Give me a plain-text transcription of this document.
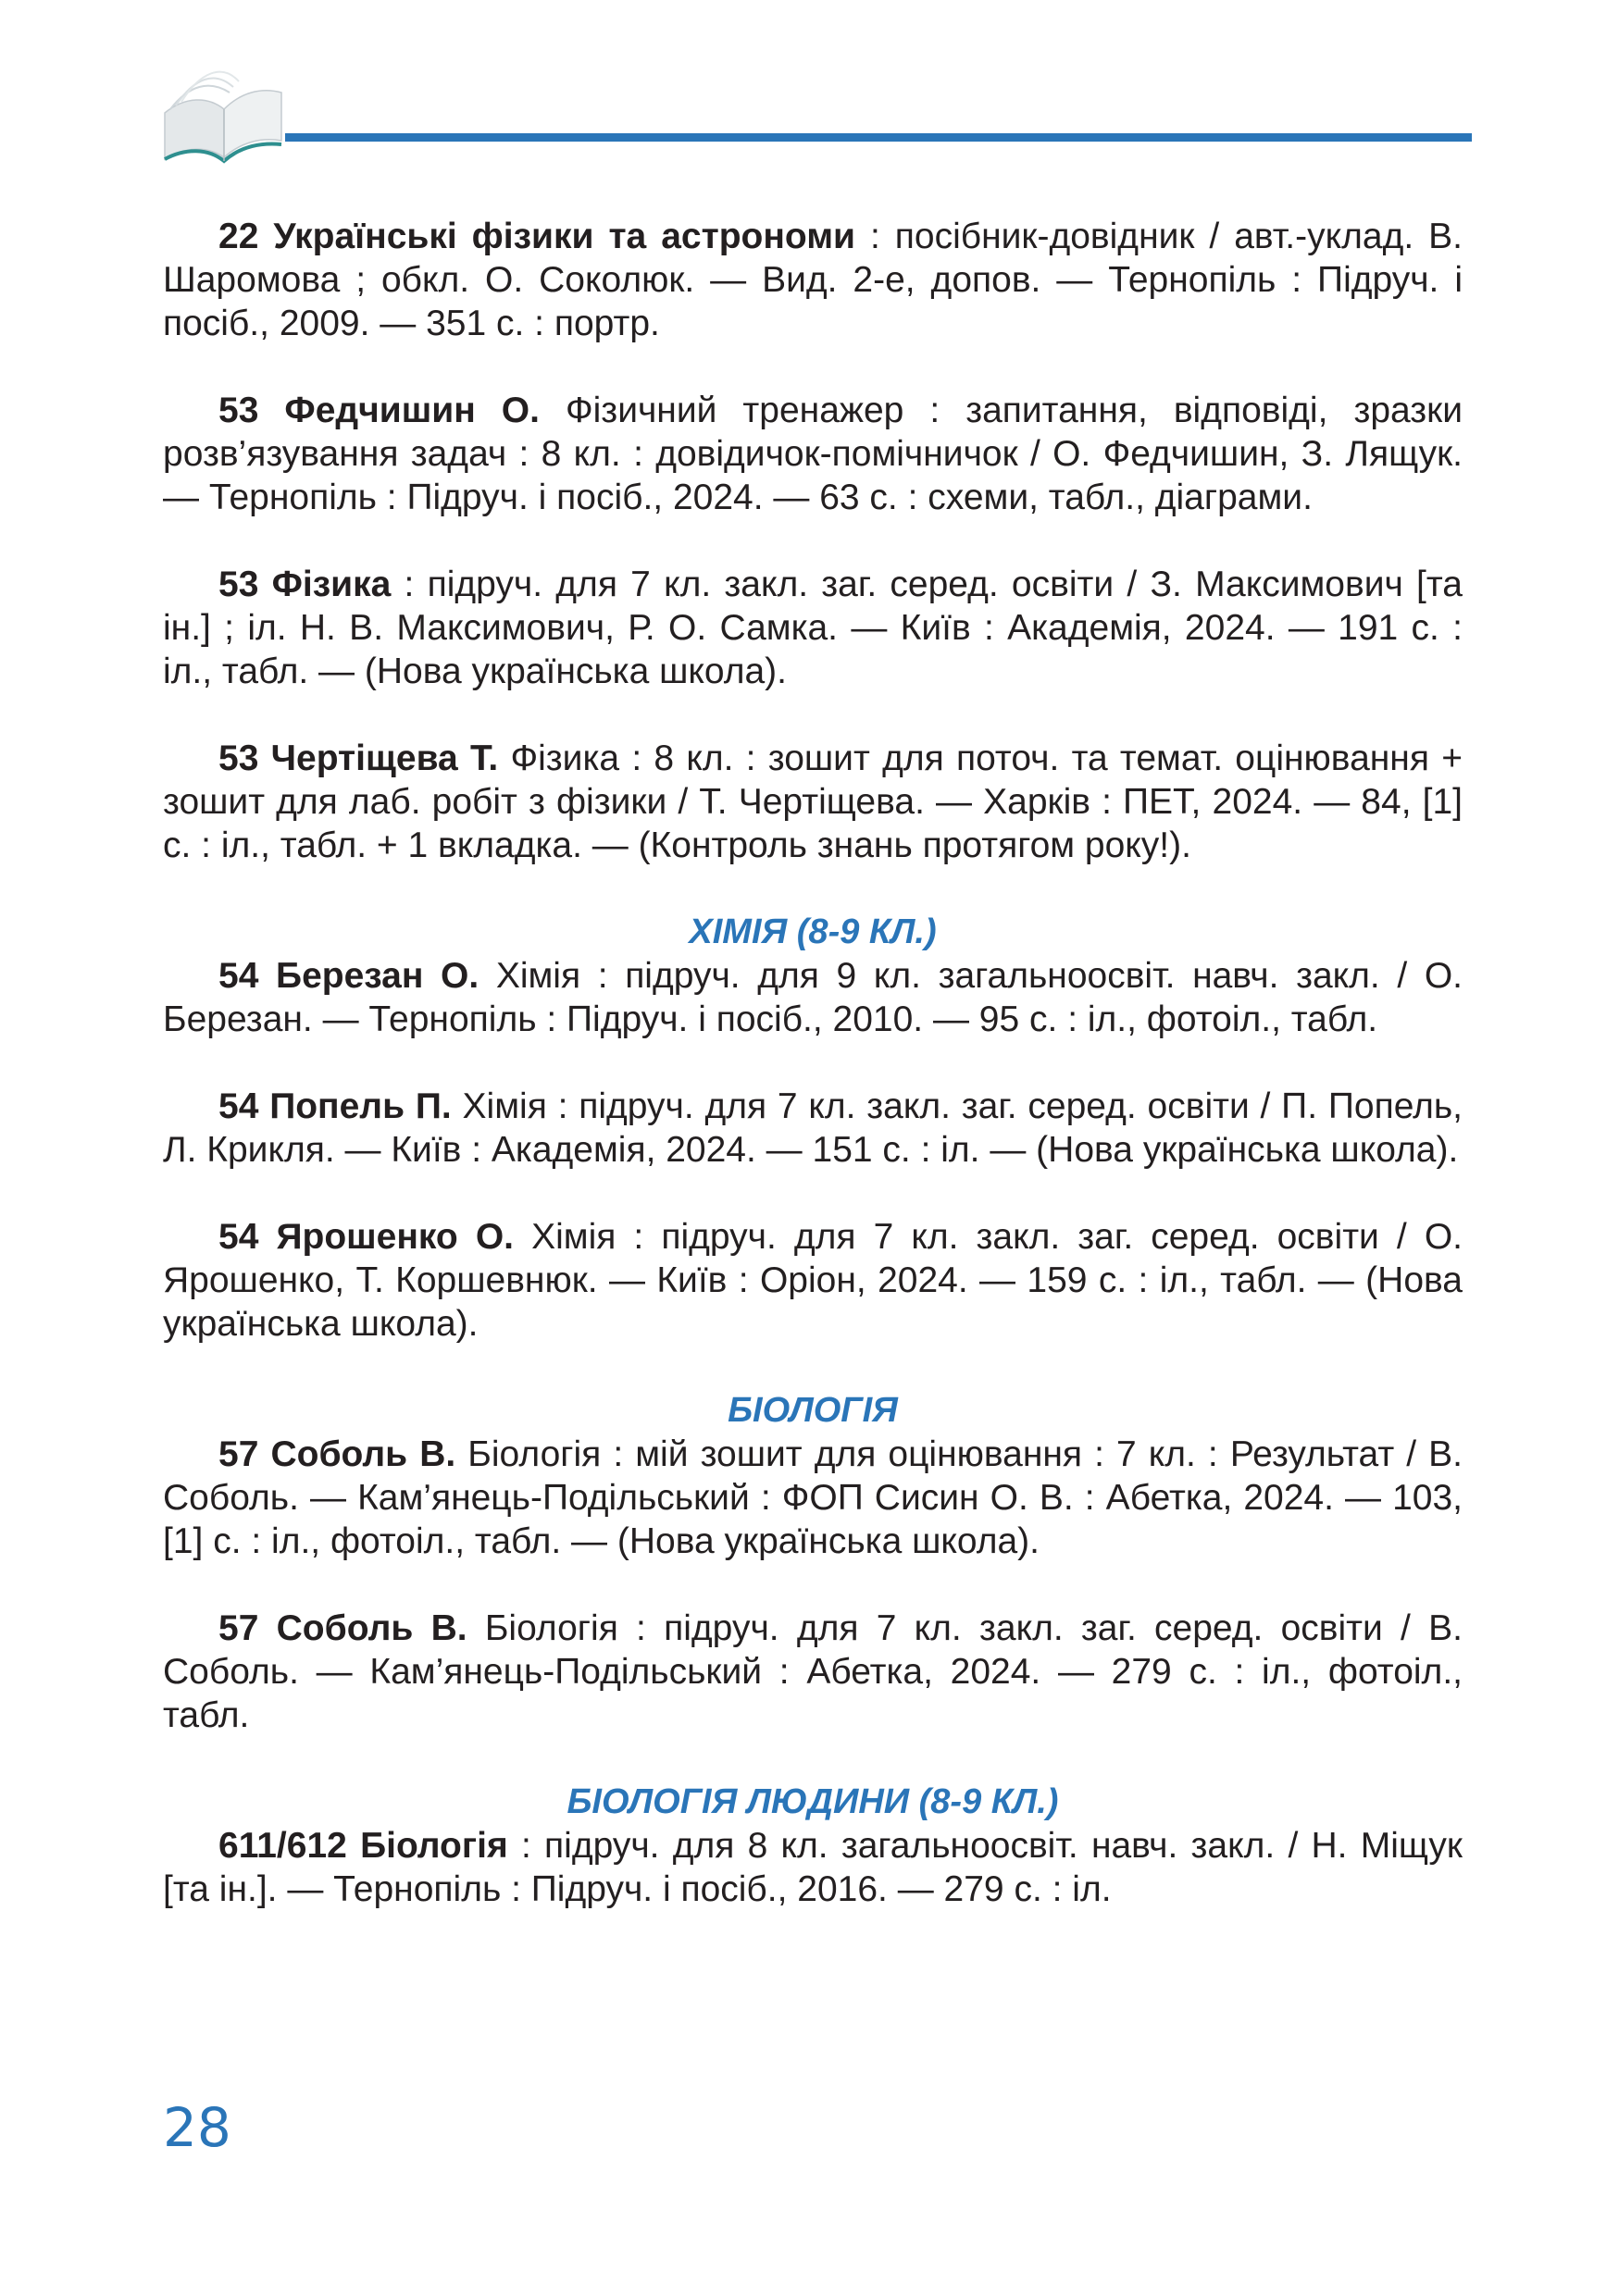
22 Українські фізики та астрономи : посібник-довідник / авт.-уклад. В. Шаромова ; обкл. О. Соколюк. — Вид. 2-е, допов. — Тернопіль : Підруч. і посіб., 2009. — 351 с. : портр.

53 Федчишин О. Фізичний тренажер : запитання, відповіді, зразки розв’язування задач : 8 кл. : довідичок-помічничок / О. Федчишин, З. Лящук. — Тернопіль : Підруч. і посіб., 2024. — 63 с. : схеми, табл., діаграми.

53 Фізика : підруч. для 7 кл. закл. заг. серед. освіти / З. Максимович [та ін.] ; іл. Н. В. Максимович, Р. О. Самка. — Київ : Академія, 2024. — 191 с. : іл., табл. — (Нова українська школа).

53 Чертіщева Т. Фізика : 8 кл. : зошит для поточ. та темат. оцінювання + зошит для лаб. робіт з фізики / Т. Чертіщева. — Харків : ПЕТ, 2024. — 84, [1] с. : іл., табл. + 1 вкладка. — (Контроль знань протягом року!).

ХІМІЯ (8-9 КЛ.)

54 Березан О. Хімія : підруч. для 9 кл. загальноосвіт. навч. закл. / О. Березан. — Тернопіль : Підруч. і посіб., 2010. — 95 с. : іл., фотоіл., табл.

54 Попель П. Хімія : підруч. для 7 кл. закл. заг. серед. освіти / П. Попель, Л. Крикля. — Київ : Академія, 2024. — 151 с. : іл. — (Нова українська школа).

54 Ярошенко О. Хімія : підруч. для 7 кл. закл. заг. серед. освіти / О. Ярошенко, Т. Коршевнюк. — Київ : Оріон, 2024. — 159 с. : іл., табл. — (Нова українська школа).

БІОЛОГІЯ

57 Соболь В. Біологія : мій зошит для оцінювання : 7 кл. : Результат / В. Соболь. — Кам’янець-Подільський : ФОП Сисин О. В. : Абетка, 2024. — 103, [1] с. : іл., фотоіл., табл. — (Нова українська школа).

57 Соболь В. Біологія : підруч. для 7 кл. закл. заг. серед. освіти / В. Соболь. — Кам’янець-Подільський : Абетка, 2024. — 279 с. : іл., фотоіл., табл.

БІОЛОГІЯ ЛЮДИНИ (8-9 КЛ.)

611/612 Біологія : підруч. для 8 кл. загальноосвіт. навч. закл. / Н. Міщук [та ін.]. — Тернопіль : Підруч. і посіб., 2016. — 279 с. : іл.

28
